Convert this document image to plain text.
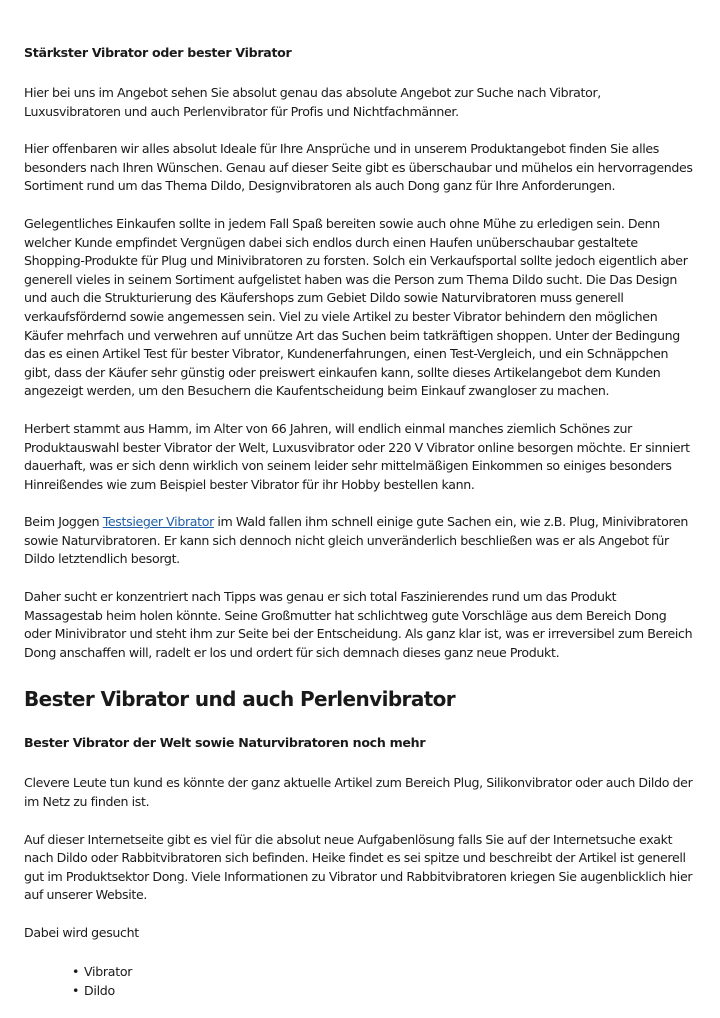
Stärkster Vibrator oder bester Vibrator

Hier bei uns im Angebot sehen Sie absolut genau das absolute Angebot zur Suche nach Vibrator, Luxusvibratoren und auch Perlenvibrator für Profis und Nichtfachmänner.

Hier offenbaren wir alles absolut Ideale für Ihre Ansprüche und in unserem Produktangebot finden Sie alles besonders nach Ihren Wünschen. Genau auf dieser Seite gibt es überschaubar und mühelos ein hervorragendes Sortiment rund um das Thema Dildo, Designvibratoren als auch Dong ganz für Ihre Anforderungen.

Gelegentliches Einkaufen sollte in jedem Fall Spaß bereiten sowie auch ohne Mühe zu erledigen sein. Denn welcher Kunde empfindet Vergnügen dabei sich endlos durch einen Haufen unüberschaubar gestaltete Shopping-Produkte für Plug und Minivibratoren zu forsten. Solch ein Verkaufsportal sollte jedoch eigentlich aber generell vieles in seinem Sortiment aufgelistet haben was die Person zum Thema Dildo sucht. Die Das Design und auch die Strukturierung des Käufershops zum Gebiet Dildo sowie Naturvibratoren muss generell verkaufsfördernd sowie angemessen sein. Viel zu viele Artikel zu bester Vibrator behindern den möglichen Käufer mehrfach und verwehren auf unnütze Art das Suchen beim tatkräftigen shoppen. Unter der Bedingung das es einen Artikel Test für bester Vibrator, Kundenerfahrungen, einen Test-Vergleich, und ein Schnäppchen gibt, dass der Käufer sehr günstig oder preiswert einkaufen kann, sollte dieses Artikelangebot dem Kunden angezeigt werden, um den Besuchern die Kaufentscheidung beim Einkauf zwangloser zu machen.

Herbert stammt aus Hamm, im Alter von 66 Jahren, will endlich einmal manches ziemlich Schönes zur Produktauswahl bester Vibrator der Welt, Luxusvibrator oder 220 V Vibrator online besorgen möchte. Er sinniert dauerhaft, was er sich denn wirklich von seinem leider sehr mittelmäßigen Einkommen so einiges besonders Hinreißendes wie zum Beispiel bester Vibrator für ihr Hobby bestellen kann.

Beim Joggen Testsieger Vibrator im Wald fallen ihm schnell einige gute Sachen ein, wie z.B. Plug, Minivibratoren sowie Naturvibratoren. Er kann sich dennoch nicht gleich unveränderlich beschließen was er als Angebot für Dildo letztendlich besorgt.

Daher sucht er konzentriert nach Tipps was genau er sich total Faszinierendes rund um das Produkt Massagestab heim holen könnte. Seine Großmutter hat schlichtweg gute Vorschläge aus dem Bereich Dong oder Minivibrator und steht ihm zur Seite bei der Entscheidung. Als ganz klar ist, was er irreversibel zum Bereich Dong anschaffen will, radelt er los und ordert für sich demnach dieses ganz neue Produkt.

Bester Vibrator und auch Perlenvibrator
Bester Vibrator der Welt sowie Naturvibratoren noch mehr

Clevere Leute tun kund es könnte der ganz aktuelle Artikel zum Bereich Plug, Silikonvibrator oder auch Dildo der im Netz zu finden ist.

Auf dieser Internetseite gibt es viel für die absolut neue Aufgabenlösung falls Sie auf der Internetsuche exakt nach Dildo oder Rabbitvibratoren sich befinden. Heike findet es sei spitze und beschreibt der Artikel ist generell gut im Produktsektor Dong. Viele Informationen zu Vibrator und Rabbitvibratoren kriegen Sie augenblicklich hier auf unserer Website.

Dabei wird gesucht

• Vibrator
• Dildo
